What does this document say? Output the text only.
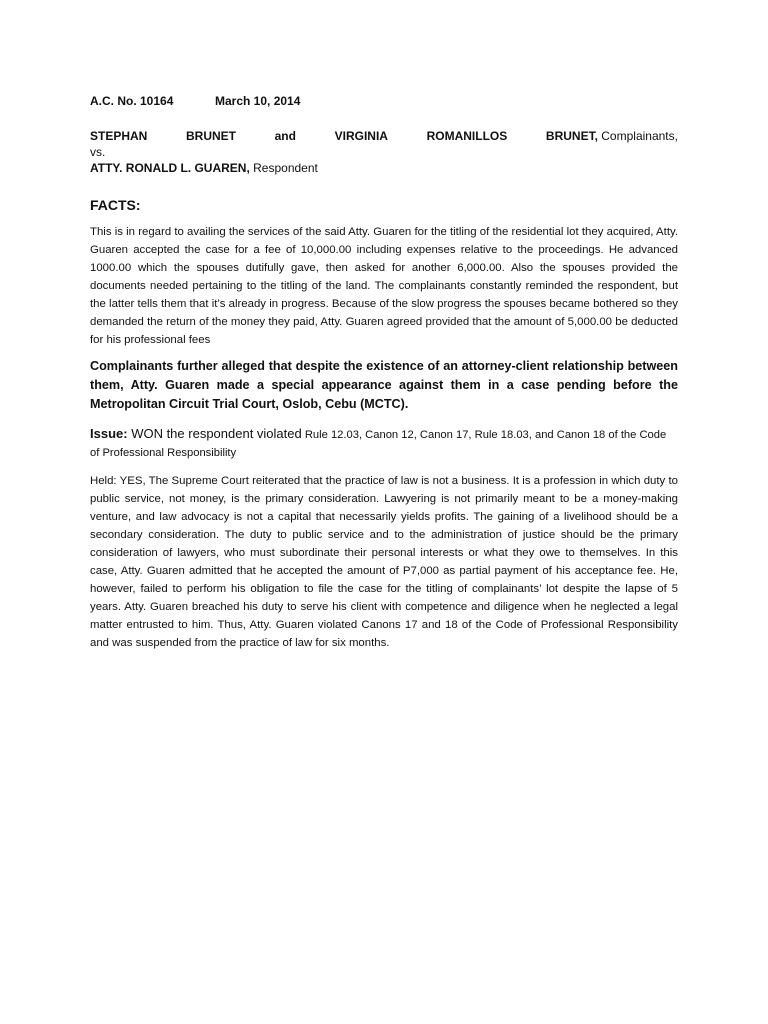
A.C. No. 10164	March 10, 2014
STEPHAN	BRUNET	and	VIRGINIA	ROMANILLOS	BRUNET, Complainants,
vs.
ATTY. RONALD L. GUAREN, Respondent
FACTS:

This is in regard to availing the services of the said Atty. Guaren for the titling of the residential lot they acquired, Atty. Guaren accepted the case for a fee of 10,000.00 including expenses relative to the proceedings. He advanced 1000.00 which the spouses dutifully gave, then asked for another 6,000.00. Also the spouses provided the documents needed pertaining to the titling of the land. The complainants constantly reminded the respondent, but the latter tells them that it’s already in progress. Because of the slow progress the spouses became bothered so they demanded the return of the money they paid, Atty. Guaren agreed provided that the amount of 5,000.00 be deducted for his professional fees

Complainants further alleged that despite the existence of an attorney-client relationship between them, Atty. Guaren made a special appearance against them in a case pending before the Metropolitan Circuit Trial Court, Oslob, Cebu (MCTC).

Issue: WON the respondent violated Rule 12.03, Canon 12, Canon 17, Rule 18.03, and Canon 18 of the Code of Professional Responsibility

Held: YES, The Supreme Court reiterated that the practice of law is not a business. It is a profession in which duty to public service, not money, is the primary consideration. Lawyering is not primarily meant to be a money-making venture, and law advocacy is not a capital that necessarily yields profits. The gaining of a livelihood should be a secondary consideration. The duty to public service and to the administration of justice should be the primary consideration of lawyers, who must subordinate their personal interests or what they owe to themselves. In this case, Atty. Guaren admitted that he accepted the amount of P7,000 as partial payment of his acceptance fee. He, however, failed to perform his obligation to file the case for the titling of complainants’ lot despite the lapse of 5 years. Atty. Guaren breached his duty to serve his client with competence and diligence when he neglected a legal matter entrusted to him. Thus, Atty. Guaren violated Canons 17 and 18 of the Code of Professional Responsibility and was suspended from the practice of law for six months.
